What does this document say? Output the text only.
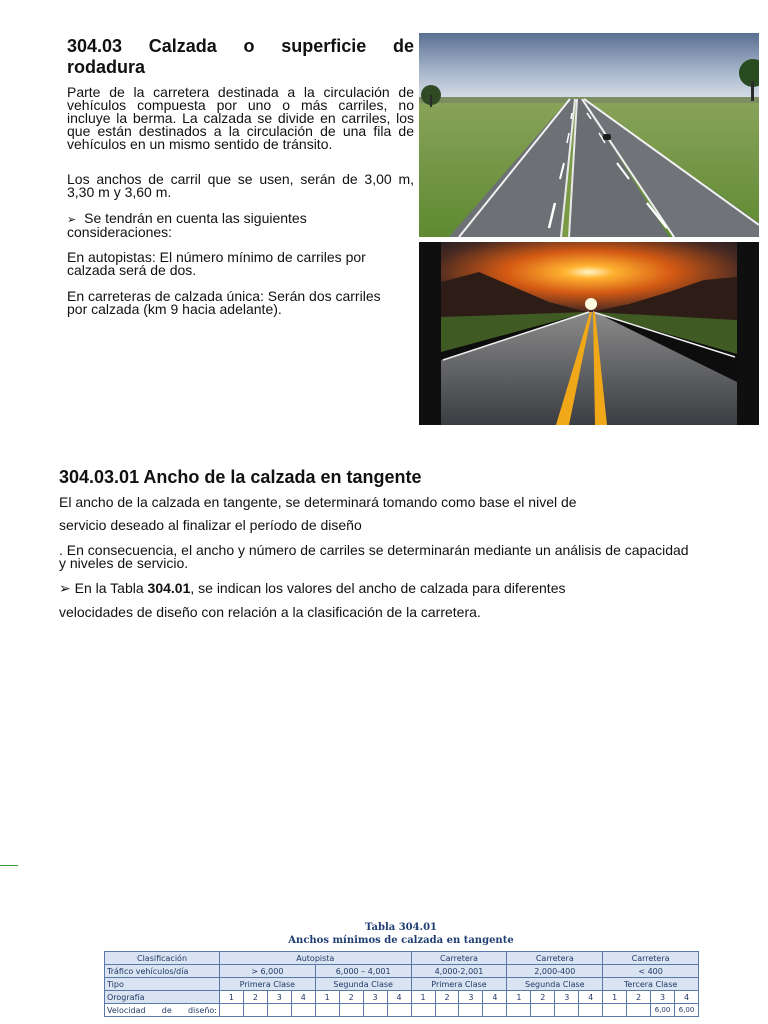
304.03 Calzada o superficie de
rodadura
Parte de la carretera destinada a la circulación de
vehículos compuesta por uno o más carriles, no
incluye la berma. La calzada se divide en carriles, los
que están destinados a la circulación de una fila de
vehículos en un mismo sentido de tránsito.
Los anchos de carril que se usen, serán de 3,00 m,
3,30 m y 3,60 m.
➢ Se tendrán en cuenta las siguientes
consideraciones:
En autopistas: El número mínimo de carriles por
calzada será de dos.
En carreteras de calzada única: Serán dos carriles
por calzada (km 9 hacia adelante).
304.03.01 Ancho de la calzada en tangente
El ancho de la calzada en tangente, se determinará tomando como base el nivel de
servicio deseado al finalizar el período de diseño
. En consecuencia, el ancho y número de carriles se determinarán mediante un análisis de capacidad
y niveles de servicio.
➢ En la Tabla 304.01, se indican los valores del ancho de calzada para diferentes
velocidades de diseño con relación a la clasificación de la carretera.
Tabla 304.01
Anchos mínimos de calzada en tangente
Clasificación	Autopista								Carretera				Carretera				Carretera			
Tráfico vehículos/día	> 6,000				6,000 – 4,001				4,000-2,001				2,000-400				< 400			
Tipo	Primera Clase				Segunda Clase				Primera Clase				Segunda Clase				Tercera Clase			
Orografía	1	2	3	4	1	2	3	4	1	2	3	4	1	2	3	4	1	2	3	4
Velocidad de diseño:																			6,00	6,00
